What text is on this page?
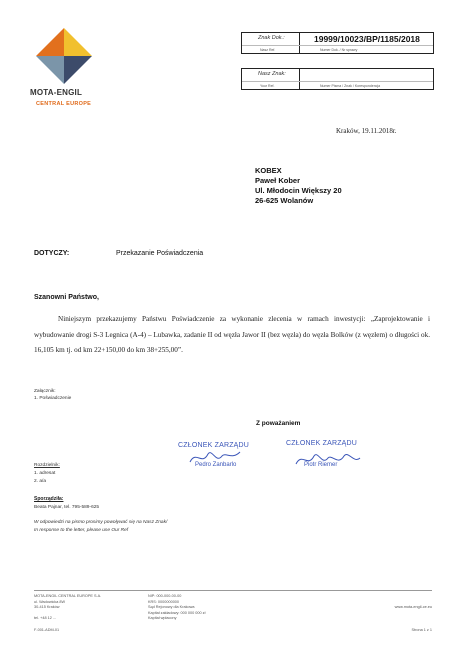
MOTA-ENGIL
CENTRAL EUROPE
Znak Dok.:	19999/10023/BP/1185/2018
Nasz Ref.	Numer Dok. / Nr sprawy
Nasz Znak:
Your Ref.	Numer Pisma / Znak / Korespondencja
Kraków, 19.11.2018r.
KOBEX
Paweł Kober
Ul. Młodocin Większy 20
26-625 Wolanów
DOTYCZY:	Przekazanie Poświadczenia
Szanowni Państwo,

Niniejszym przekazujemy Państwu Poświadczenie za wykonanie zlecenia w ramach inwestycji: „Zaprojektowanie i wybudowanie drogi S-3 Legnica (A-4) – Lubawka, zadanie II od węzła Jawor II (bez węzła) do węzła Bolków (z węzłem) o długości ok. 16,105 km tj. od km 22+150,00 do km 38+255,00”.

Załącznik:
1. Poświadczenie
Z poważaniem
CZŁONEK ZARZĄDU
Pedro Zanbarlo
CZŁONEK ZARZĄDU
Piotr Riemer
Rozdzielnik:
1. adresat
2. a/a
Sporządziła:
Beata Pajnar, tel. 795-589-625
W odpowiedzi na pismo prosimy powoływać się na Nasz Znak/
In response to the letter, please use Our Ref
MOTA-ENGIL CENTRAL EUROPE S.A.
ul. Wadowicka 8W
30-415 Kraków

tel. +48 12 ...

F-001-ADM-01
NIP: 000-000-00-00
KRS: 0000000000
Sąd Rejonowy dla Krakowa
Kapitał zakładowy: 000 000 000 zł
Kapitał wpłacony

www.mota-engil-ce.eu
Strona 1 z 1
